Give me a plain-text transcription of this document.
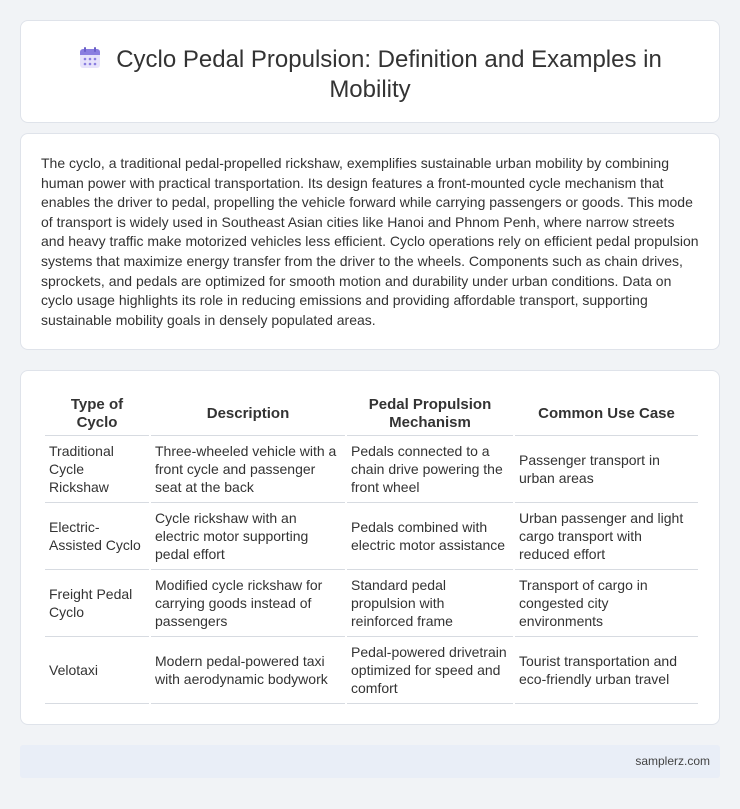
Cyclo Pedal Propulsion: Definition and Examples in Mobility

The cyclo, a traditional pedal-propelled rickshaw, exemplifies sustainable urban mobility by combining human power with practical transportation. Its design features a front-mounted cycle mechanism that enables the driver to pedal, propelling the vehicle forward while carrying passengers or goods. This mode of transport is widely used in Southeast Asian cities like Hanoi and Phnom Penh, where narrow streets and heavy traffic make motorized vehicles less efficient. Cyclo operations rely on efficient pedal propulsion systems that maximize energy transfer from the driver to the wheels. Components such as chain drives, sprockets, and pedals are optimized for smooth motion and durability under urban conditions. Data on cyclo usage highlights its role in reducing emissions and providing affordable transport, supporting sustainable mobility goals in densely populated areas.

Type of Cyclo	Description	Pedal Propulsion Mechanism	Common Use Case
Traditional Cycle Rickshaw	Three-wheeled vehicle with a front cycle and passenger seat at the back	Pedals connected to a chain drive powering the front wheel	Passenger transport in urban areas
Electric-Assisted Cyclo	Cycle rickshaw with an electric motor supporting pedal effort	Pedals combined with electric motor assistance	Urban passenger and light cargo transport with reduced effort
Freight Pedal Cyclo	Modified cycle rickshaw for carrying goods instead of passengers	Standard pedal propulsion with reinforced frame	Transport of cargo in congested city environments
Velotaxi	Modern pedal-powered taxi with aerodynamic bodywork	Pedal-powered drivetrain optimized for speed and comfort	Tourist transportation and eco-friendly urban travel
samplerz.com
